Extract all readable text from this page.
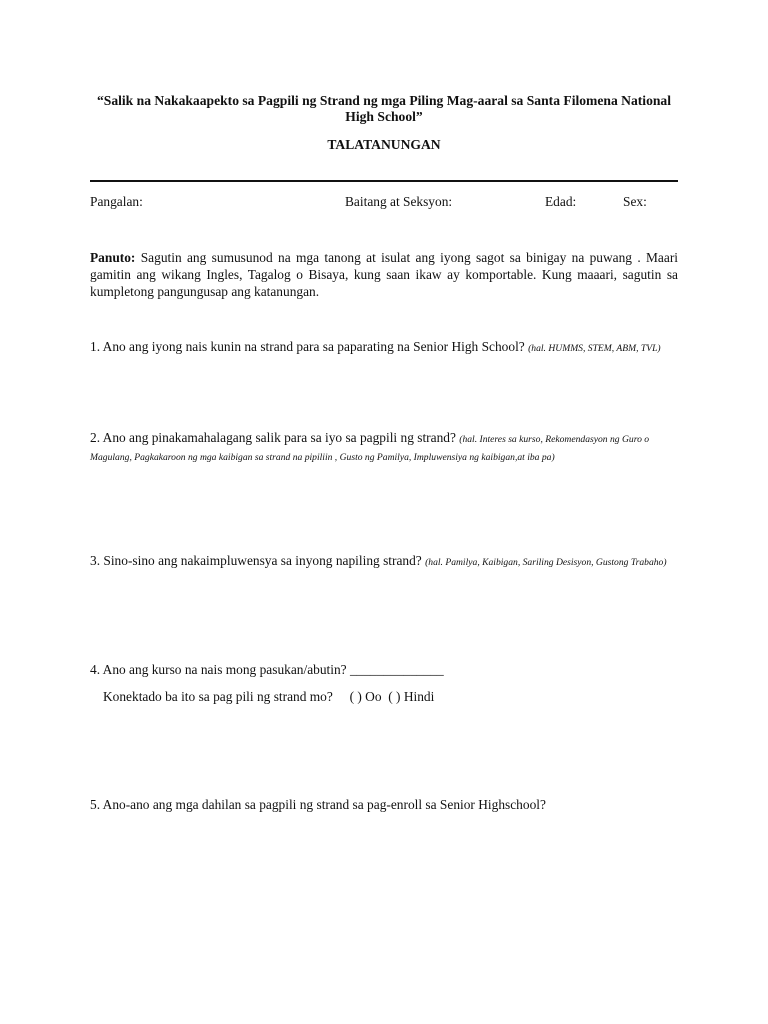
“Salik na Nakakaapekto sa Pagpili ng Strand ng mga Piling Mag-aaral sa Santa Filomena National High School”
TALATANUNGAN
Pangalan:	Baitang at Seksyon:	Edad:	Sex:
Panuto: Sagutin ang sumusunod na mga tanong at isulat ang iyong sagot sa binigay na puwang . Maari gamitin ang wikang Ingles, Tagalog o Bisaya, kung saan ikaw ay komportable. Kung maaari, sagutin sa kumpletong pangungusap ang katanungan.
1. Ano ang iyong nais kunin na strand para sa paparating na Senior High School? (hal. HUMMS, STEM, ABM, TVL)
2. Ano ang pinakamahalagang salik para sa iyo sa pagpili ng strand? (hal. Interes sa kurso, Rekomendasyon ng Guro o Magulang, Pagkakaroon ng mga kaibigan sa strand na pipiliin , Gusto ng Pamilya, Impluwensiya ng kaibigan,at iba pa)
3. Sino-sino ang nakaimpluwensya sa inyong napiling strand? (hal. Pamilya, Kaibigan, Sariling Desisyon, Gustong Trabaho)
4. Ano ang kurso na nais mong pasukan/abutin? ______________
Konektado ba ito sa pag pili ng strand mo?     ( ) Oo  ( ) Hindi
5. Ano-ano ang mga dahilan sa pagpili ng strand sa pag-enroll sa Senior Highschool?
